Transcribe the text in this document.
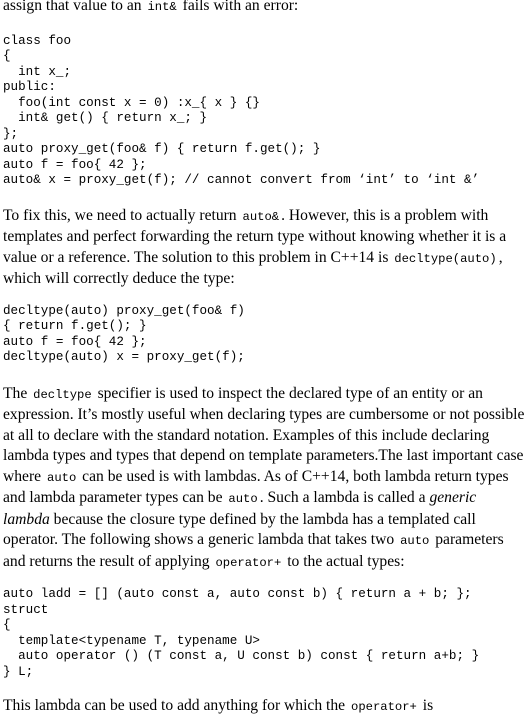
assign that value to an int& fails with an error:

class foo
{
int x_;
public:
foo(int const x = 0) :x_{ x } {}
int& get() { return x_; }
};
auto proxy_get(foo& f) { return f.get(); }
auto f = foo{ 42 };
auto& x = proxy_get(f); // cannot convert from ‘int’ to ‘int &’

To fix this, we need to actually return auto& . However, this is a problem with templates and perfect forwarding the return type without knowing whether it is a value or a reference. The solution to this problem in C++14 is decltype(auto) , which will correctly deduce the type:

decltype(auto) proxy_get(foo& f)
{ return f.get(); }
auto f = foo{ 42 };
decltype(auto) x = proxy_get(f);

The decltype specifier is used to inspect the declared type of an entity or an expression. It’s mostly useful when declaring types are cumbersome or not possible at all to declare with the standard notation. Examples of this include declaring lambda types and types that depend on template parameters.The last important case where auto can be used is with lambdas. As of C++14, both lambda return types and lambda parameter types can be auto . Such a lambda is called a generic lambda because the closure type defined by the lambda has a templated call operator. The following shows a generic lambda that takes two auto parameters and returns the result of applying operator+ to the actual types:

auto ladd = [] (auto const a, auto const b) { return a + b; };
struct
{
template<typename T, typename U>
auto operator () (T const a, U const b) const { return a+b; }
} L;

This lambda can be used to add anything for which the operator+ is
